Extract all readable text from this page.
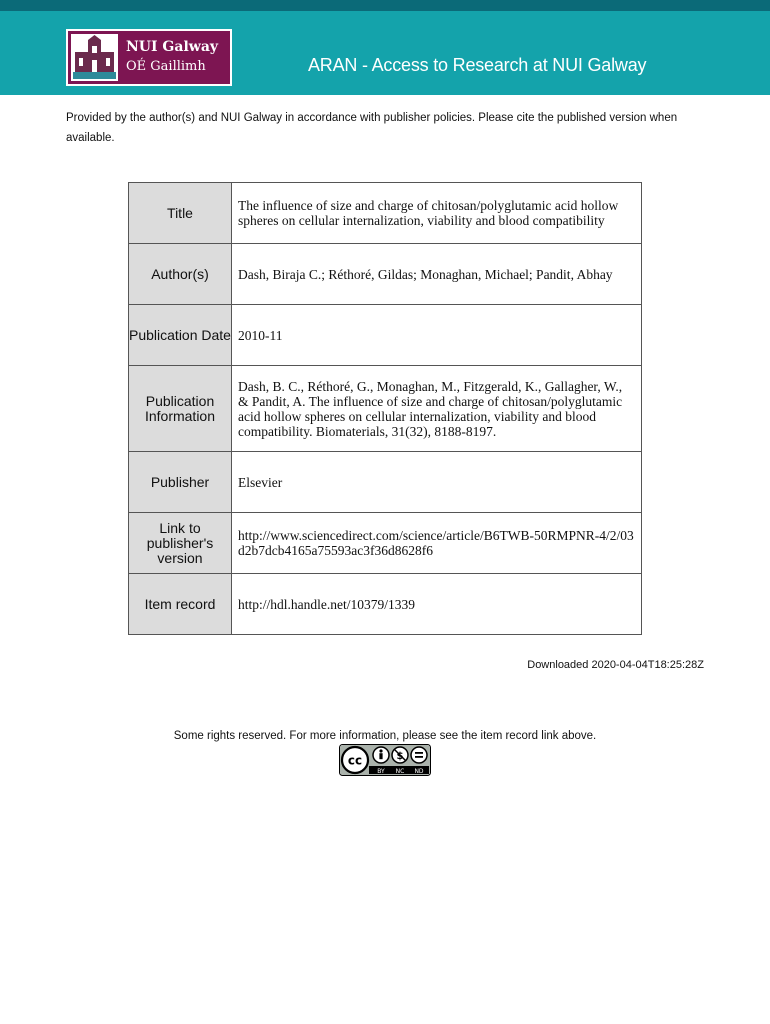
NUI Galway
OÉ Gaillimh	ARAN - Access to Research at NUI Galway
Provided by the author(s) and NUI Galway in accordance with publisher policies. Please cite the published version when available.
Title	The influence of size and charge of chitosan/polyglutamic acid hollow spheres on cellular internalization, viability and blood compatibility
Author(s)	Dash, Biraja C.; Réthoré, Gildas; Monaghan, Michael; Pandit, Abhay
Publication Date	2010-11
Publication Information	Dash, B. C., Réthoré, G., Monaghan, M., Fitzgerald, K., Gallagher, W., & Pandit, A. The influence of size and charge of chitosan/polyglutamic acid hollow spheres on cellular internalization, viability and blood compatibility. Biomaterials, 31(32), 8188-8197.
Publisher	Elsevier
Link to publisher's version	http://www.sciencedirect.com/science/article/B6TWB-50RMPNR-4/2/03d2b7dcb4165a75593ac3f36d8628f6
Item record	http://hdl.handle.net/10379/1339
Downloaded 2020-04-04T18:25:28Z
Some rights reserved. For more information, please see the item record link above.
cc	$
BY NC ND
